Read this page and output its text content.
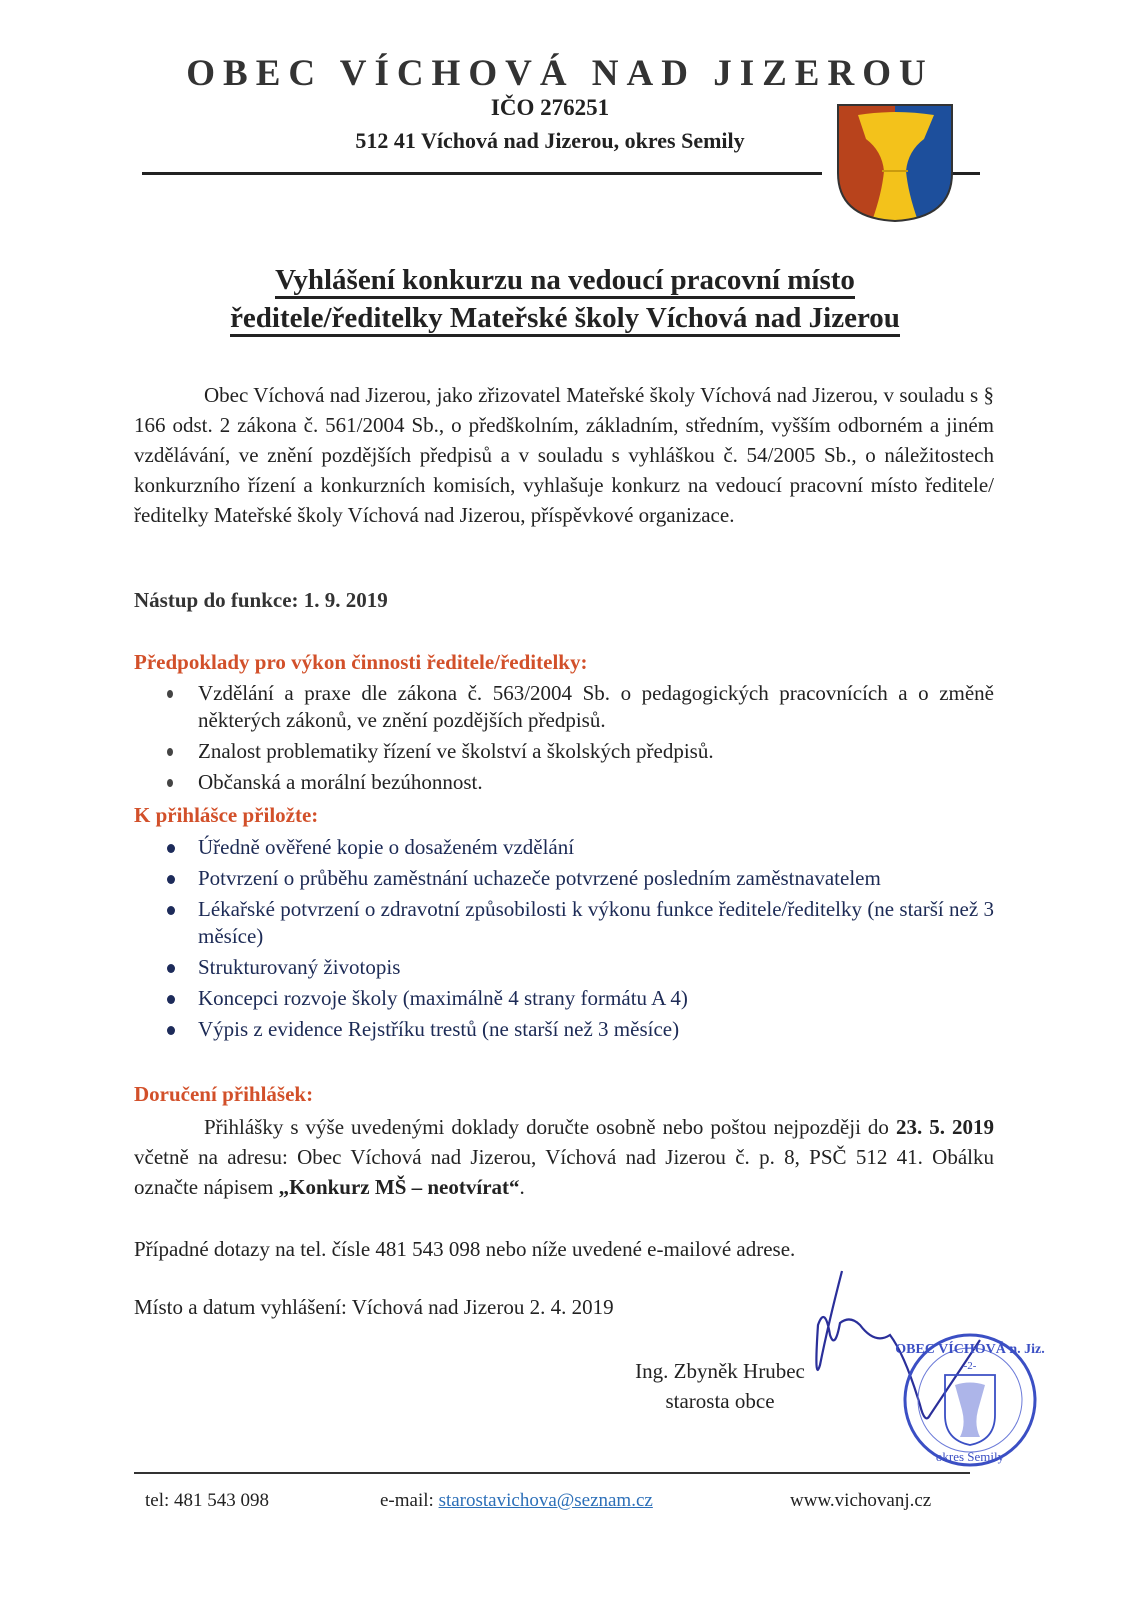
OBEC VÍCHOVÁ NAD JIZEROU
IČO 276251
512 41 Víchová nad Jizerou, okres Semily
Vyhlášení konkurzu na vedoucí pracovní místo
ředitele/ředitelky Mateřské školy Víchová nad Jizerou
Obec Víchová nad Jizerou, jako zřizovatel Mateřské školy Víchová nad Jizerou, v souladu s § 166 odst. 2 zákona č. 561/2004 Sb., o předškolním, základním, středním, vyšším odborném a jiném vzdělávání, ve znění pozdějších předpisů a v souladu s vyhláškou č. 54/2005 Sb., o náležitostech konkurzního řízení a konkurzních komisích, vyhlašuje konkurz na vedoucí pracovní místo ředitele/ředitelky Mateřské školy Víchová nad Jizerou, příspěvkové organizace.
Nástup do funkce: 1. 9. 2019
Předpoklady pro výkon činnosti ředitele/ředitelky:
Vzdělání a praxe dle zákona č. 563/2004 Sb. o pedagogických pracovnících a o změně některých zákonů, ve znění pozdějších předpisů.
Znalost problematiky řízení ve školství a školských předpisů.
Občanská a morální bezúhonnost.
K přihlášce přiložte:
Úředně ověřené kopie o dosaženém vzdělání
Potvrzení o průběhu zaměstnání uchazeče potvrzené posledním zaměstnavatelem
Lékařské potvrzení o zdravotní způsobilosti k výkonu funkce ředitele/ředitelky (ne starší než 3 měsíce)
Strukturovaný životopis
Koncepci rozvoje školy (maximálně 4 strany formátu A 4)
Výpis z evidence Rejstříku trestů (ne starší než 3 měsíce)
Doručení přihlášek:
Přihlášky s výše uvedenými doklady doručte osobně nebo poštou nejpozději do 23. 5. 2019 včetně na adresu: Obec Víchová nad Jizerou, Víchová nad Jizerou č. p. 8, PSČ 512 41. Obálku označte nápisem „Konkurz MŠ – neotvírat“.
Případné dotazy na tel. čísle 481 543 098 nebo níže uvedené e-mailové adrese.
Místo a datum vyhlášení: Víchová nad Jizerou 2. 4. 2019
Ing. Zbyněk Hrubec
starosta obce
-2-
OBEC VÍCHOVÁ n. Jiz.
okres Semily
tel: 481 543 098	e-mail: starostavichova@seznam.cz	www.vichovanj.cz
